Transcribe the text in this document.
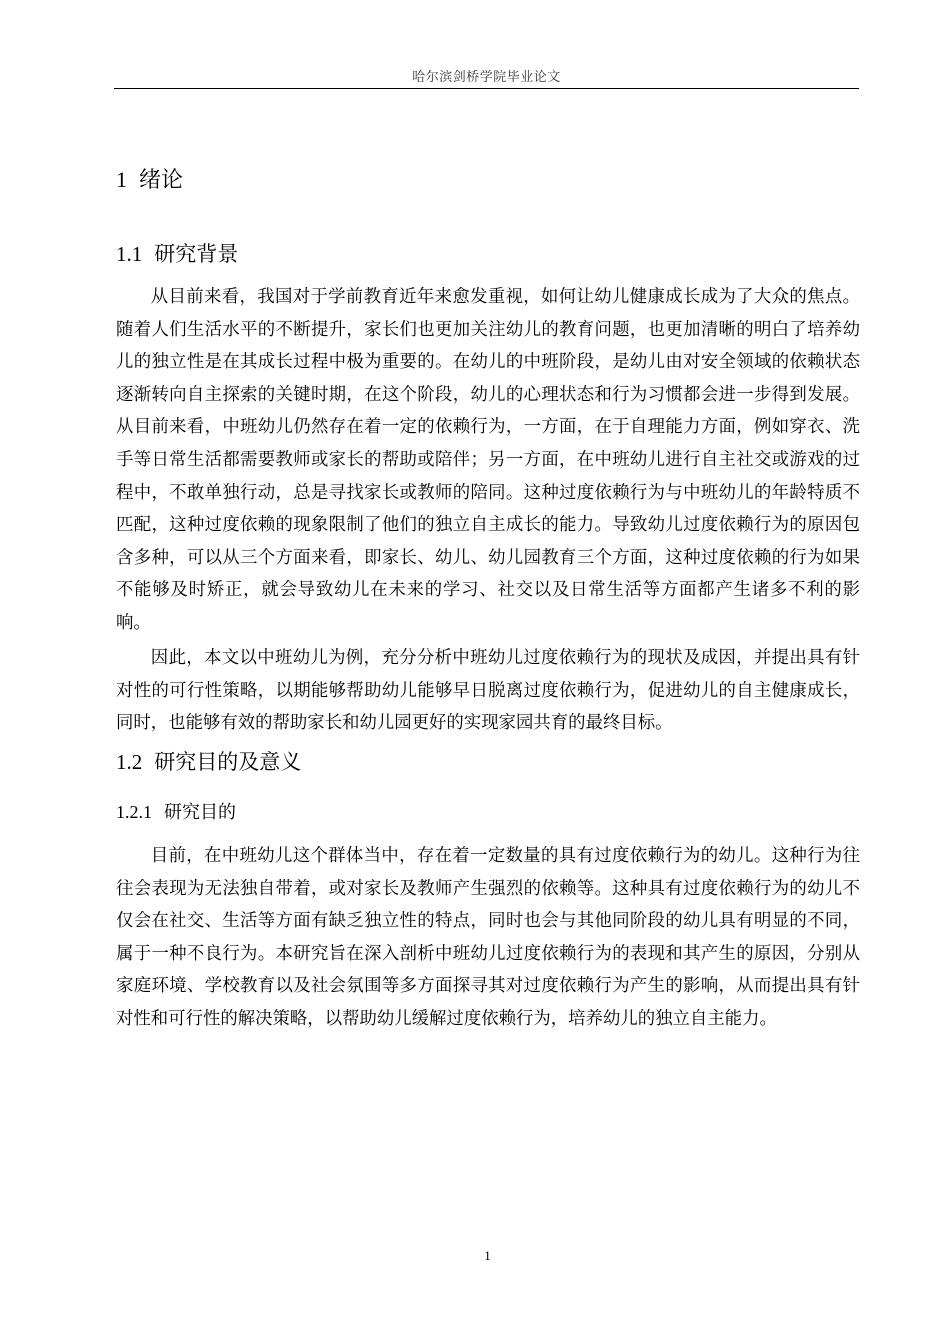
哈尔滨剑桥学院毕业论文
1 绪论
1.1 研究背景

从目前来看，我国对于学前教育近年来愈发重视，如何让幼儿健康成长成为了大众的焦点。随着人们生活水平的不断提升，家长们也更加关注幼儿的教育问题，也更加清晰的明白了培养幼儿的独立性是在其成长过程中极为重要的。在幼儿的中班阶段，是幼儿由对安全领域的依赖状态逐渐转向自主探索的关键时期，在这个阶段，幼儿的心理状态和行为习惯都会进一步得到发展。从目前来看，中班幼儿仍然存在着一定的依赖行为，一方面，在于自理能力方面，例如穿衣、洗手等日常生活都需要教师或家长的帮助或陪伴；另一方面，在中班幼儿进行自主社交或游戏的过程中，不敢单独行动，总是寻找家长或教师的陪同。这种过度依赖行为与中班幼儿的年龄特质不匹配，这种过度依赖的现象限制了他们的独立自主成长的能力。导致幼儿过度依赖行为的原因包含多种，可以从三个方面来看，即家长、幼儿、幼儿园教育三个方面，这种过度依赖的行为如果不能够及时矫正，就会导致幼儿在未来的学习、社交以及日常生活等方面都产生诸多不利的影响。

因此，本文以中班幼儿为例，充分分析中班幼儿过度依赖行为的现状及成因，并提出具有针对性的可行性策略，以期能够帮助幼儿能够早日脱离过度依赖行为，促进幼儿的自主健康成长，同时，也能够有效的帮助家长和幼儿园更好的实现家园共育的最终目标。

1.2 研究目的及意义
1.2.1 研究目的

目前，在中班幼儿这个群体当中，存在着一定数量的具有过度依赖行为的幼儿。这种行为往往会表现为无法独自带着，或对家长及教师产生强烈的依赖等。这种具有过度依赖行为的幼儿不仅会在社交、生活等方面有缺乏独立性的特点，同时也会与其他同阶段的幼儿具有明显的不同，属于一种不良行为。本研究旨在深入剖析中班幼儿过度依赖行为的表现和其产生的原因，分别从家庭环境、学校教育以及社会氛围等多方面探寻其对过度依赖行为产生的影响，从而提出具有针对性和可行性的解决策略，以帮助幼儿缓解过度依赖行为，培养幼儿的独立自主能力。

1
